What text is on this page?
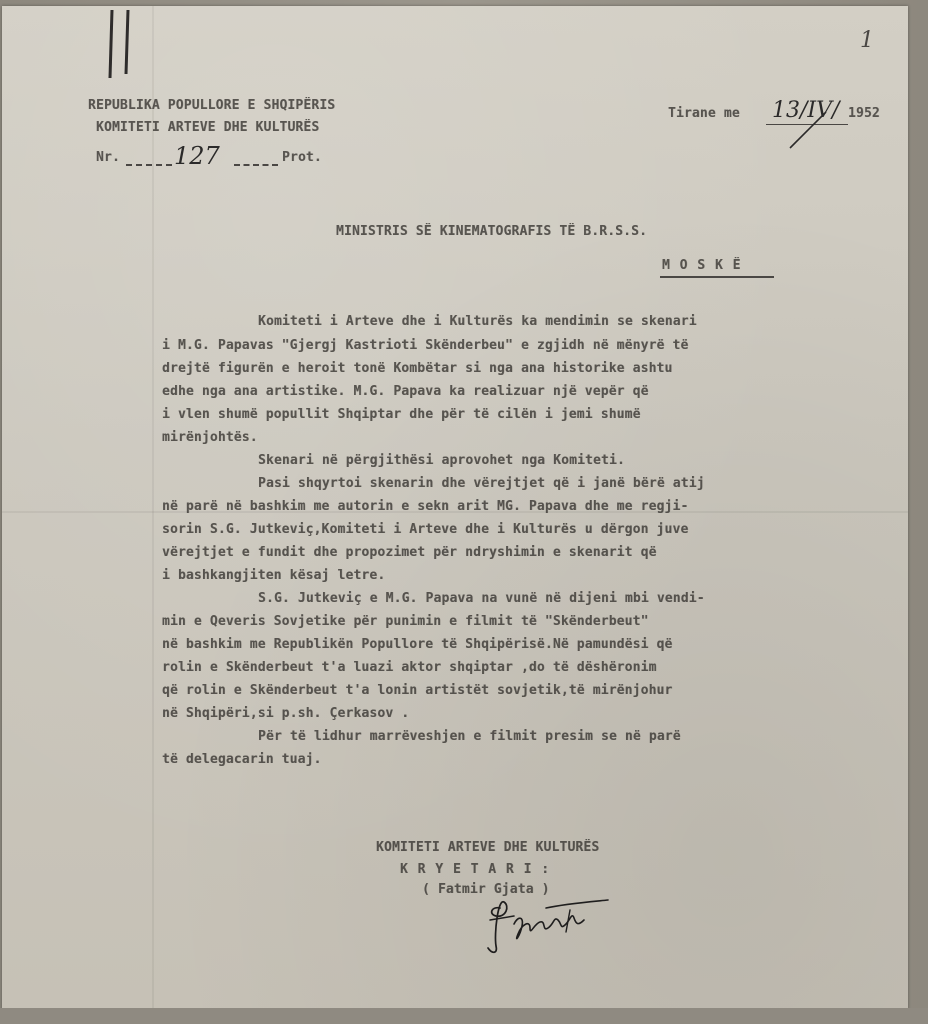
1
REPUBLIKA POPULLORE E SHQIPËRIS
KOMITETI ARTEVE DHE KULTURËS
Nr. 127	Prot.
Tirane me 13/IV/ 1952
MINISTRIS SË KINEMATOGRAFIS TË B.R.S.S.
M O S K Ë
Komiteti i Arteve dhe i Kulturës ka mendimin se skenari
i M.G. Papavas "Gjergj Kastrioti Skënderbeu" e zgjidh në mënyrë të
drejtë figurën e heroit tonë Kombëtar si nga ana historike ashtu
edhe nga ana artistike. M.G. Papava ka realizuar një vepër që
i vlen shumë popullit Shqiptar dhe për të cilën i jemi shumë
mirënjohtës.
Skenari në përgjithësi aprovohet nga Komiteti.
Pasi shqyrtoi skenarin dhe vërejtjet që i janë bërë atij
në parë në bashkim me autorin e sekn arit MG. Papava dhe me regji-
sorin S.G. Jutkeviç,Komiteti i Arteve dhe i Kulturës u dërgon juve
vërejtjet e fundit dhe propozimet për ndryshimin e skenarit që
i bashkangjiten kësaj letre.
S.G. Jutkeviç e M.G. Papava na vunë në dijeni mbi vendi-
min e Qeveris Sovjetike për punimin e filmit të "Skënderbeut"
në bashkim me Republikën Popullore të Shqipërisë.Në pamundësi që
rolin e Skënderbeut t'a luazi aktor shqiptar ,do të dëshëronim
që rolin e Skënderbeut t'a lonin artistët sovjetik,të mirënjohur
në Shqipëri,si p.sh. Çerkasov .
Për të lidhur marrëveshjen e filmit presim se në parë
të delegacarin tuaj.
KOMITETI ARTEVE DHE KULTURËS
K R Y E T A R I :
( Fatmir Gjata )
